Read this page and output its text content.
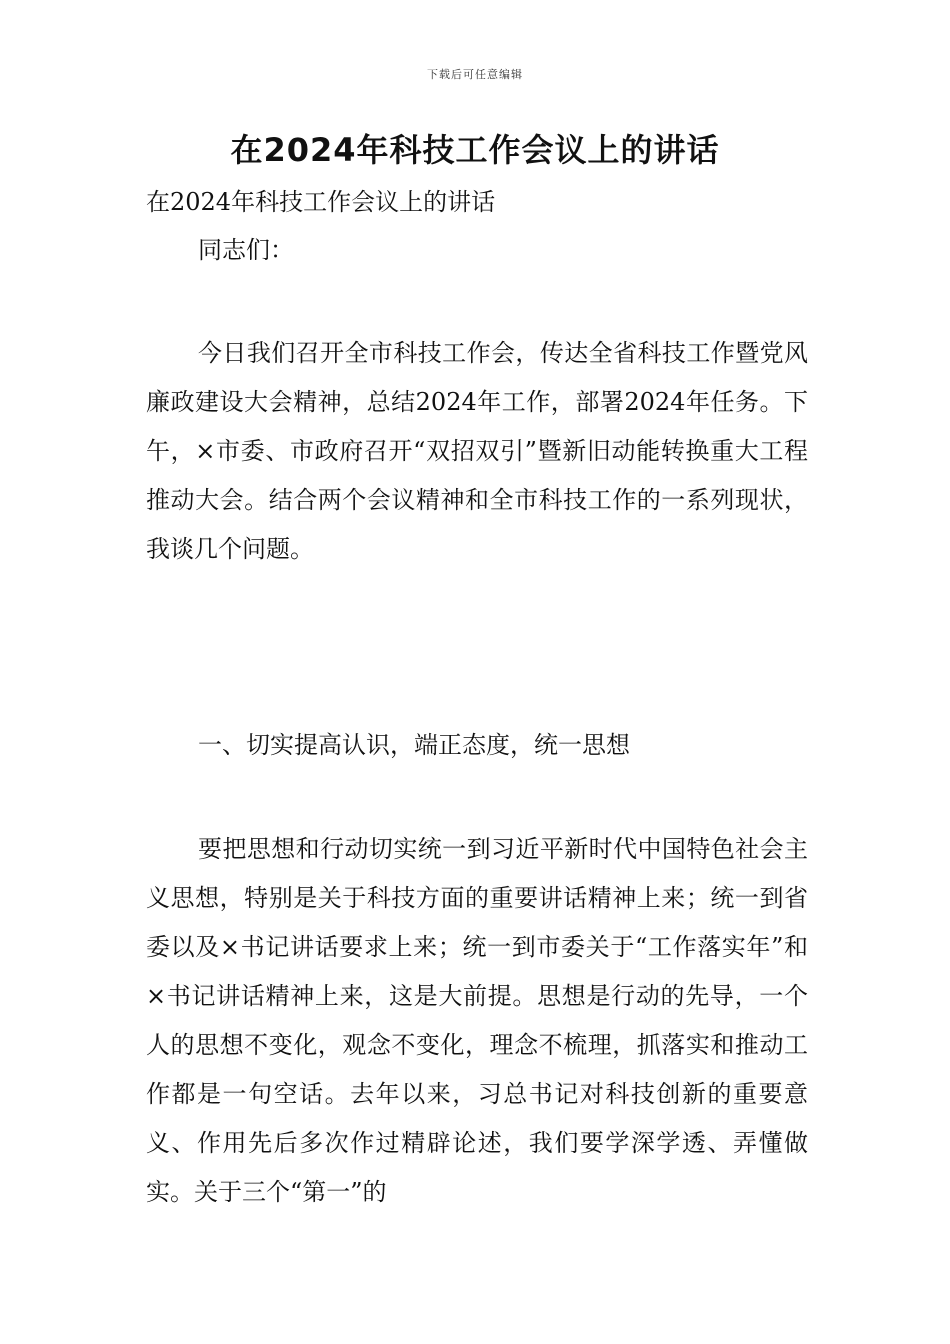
下载后可任意编辑
在2024年科技工作会议上的讲话

在2024年科技工作会议上的讲话

同志们：

今日我们召开全市科技工作会，传达全省科技工作暨党风廉政建设大会精神，总结2024年工作，部署2024年任务。下午，×市委、市政府召开“双招双引”暨新旧动能转换重大工程推动大会。结合两个会议精神和全市科技工作的一系列现状，我谈几个问题。

一、切实提高认识，端正态度，统一思想

要把思想和行动切实统一到习近平新时代中国特色社会主义思想，特别是关于科技方面的重要讲话精神上来；统一到省委以及×书记讲话要求上来；统一到市委关于“工作落实年”和×书记讲话精神上来，这是大前提。思想是行动的先导，一个人的思想不变化，观念不变化，理念不梳理，抓落实和推动工作都是一句空话。去年以来，习总书记对科技创新的重要意义、作用先后多次作过精辟论述，我们要学深学透、弄懂做实。关于三个“第一”的
